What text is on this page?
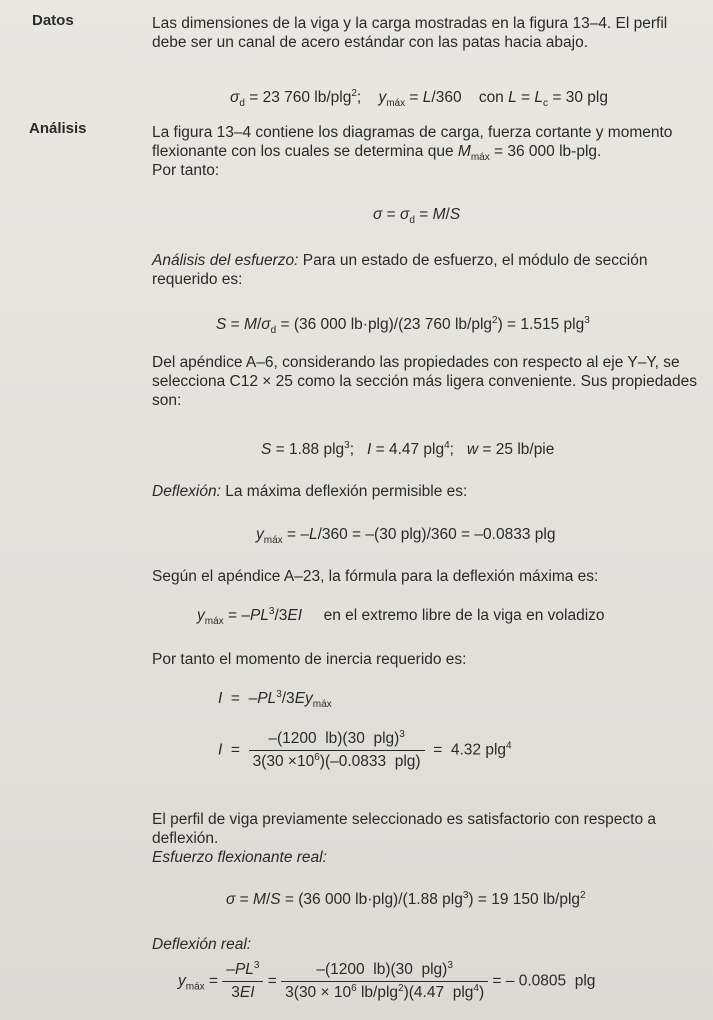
Datos	Las dimensiones de la viga y la carga mostradas en la figura 13–4. El perfil debe ser un canal de acero estándar con las patas hacia abajo.
$\sigma_d = 23$ 760 lb/plg$^2$;    $y_{máx} = L/360$    con $L = L_c = 30$ plg
Análisis	La figura 13–4 contiene los diagramas de carga, fuerza cortante y momento flexionante con los cuales se determina que $M_{máx} = 36$ 000 lb-plg.
Por tanto:
$\sigma = \sigma_d = M/S$
Análisis del esfuerzo: Para un estado de esfuerzo, el módulo de sección requerido es:
$S = M/\sigma_d = (36$ 000 lb·plg)/(23 760 lb/plg$^2$) = 1.515 plg$^3$
Del apéndice A–6, considerando las propiedades con respecto al eje Y–Y, se selecciona C12 × 25 como la sección más ligera conveniente. Sus propiedades son:
S = 1.88 plg$^3$;   I = 4.47 plg$^4$;   w = 25 lb/pie
Deflexión: La máxima deflexión permisible es:
$y_{máx} = -L/360 = -(30$ plg)/360 = –0.0833 plg
Según el apéndice A–23, la fórmula para la deflexión máxima es:
$y_{máx} = -PL^3/3EI$ en el extremo libre de la viga en voladizo
Por tanto el momento de inercia requerido es:
$I = -PL^3/3Ey_{máx}$
$I = \frac{-(1200 lb)(30 plg)^3}{3(30 \times 10^6)(-0.0833 plg)} = 4.32$ plg$^4$
El perfil de viga previamente seleccionado es satisfactorio con respecto a deflexión.
Esfuerzo flexionante real:
σ = M/S = (36 000 lb·plg)/(1.88 plg$^3$) = 19 150 lb/plg$^2$
Deflexión real:
$y_{máx} = \frac{-PL^3}{3EI} = \frac{-(1200 lb)(30 plg)^3}{3(30 \times 10^6 lb/plg^2)(4.47 plg^4)}$ = – 0.0805  plg
